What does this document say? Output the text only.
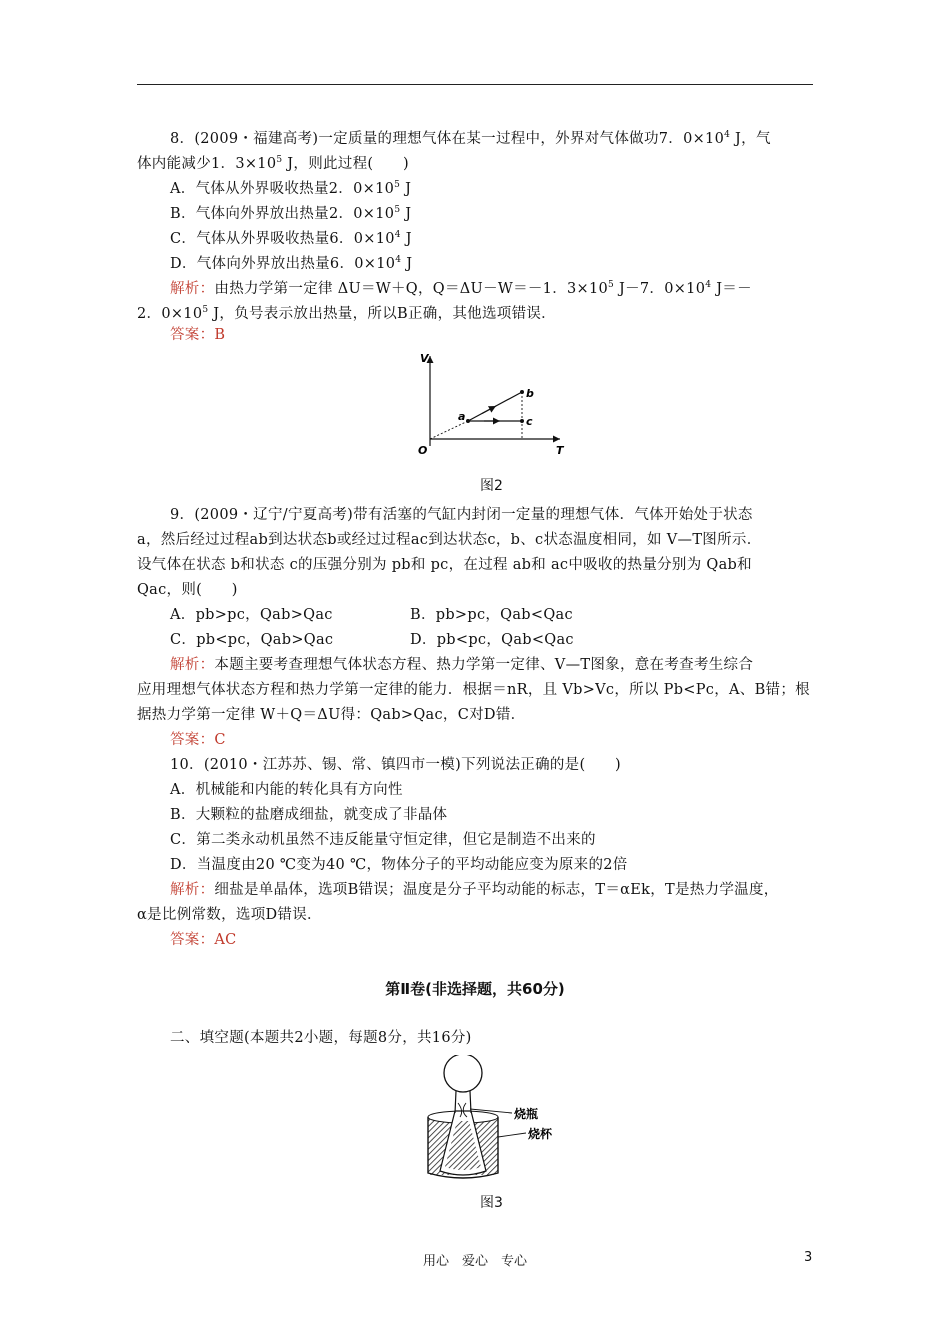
8．(2009・福建高考)一定质量的理想气体在某一过程中，外界对气体做功7．$0\times 10^4$ J，气
体内能减少1．$3\times 10^5$ J，则此过程(　　)
A．气体从外界吸收热量2．$0\times 10^5$ J
B．气体向外界放出热量2．$0\times 10^5$ J
C．气体从外界吸收热量6．$0\times 10^4$ J
D．气体向外界放出热量6．$0\times 10^4$ J
解析：由热力学第一定律 ΔU＝W＋Q，Q＝ΔU－W＝－1．$3\times 10^5$ J－7．$0\times 10^4$ J＝－
2．$0\times 10^5$ J，负号表示放出热量，所以B正确，其他选项错误．
答案：B
V
T
O
a
b
c
图2
9．(2009・辽宁/宁夏高考)带有活塞的气缸内封闭一定量的理想气体．气体开始处于状态
a，然后经过过程ab到达状态b或经过过程ac到达状态c，b、c状态温度相同，如 V—T图所示．
设气体在状态 b和状态 c的压强分别为 pb和 pc，在过程 ab和 ac中吸收的热量分别为 Qab和
Qac，则(　　)
A．pb>pc，Qab>Qac	B．pb>pc，Qab<Qac
C．pb<pc，Qab>Qac	D．pb<pc，Qab<Qac
解析：本题主要考查理想气体状态方程、热力学第一定律、V—T图象，意在考查考生综合
应用理想气体状态方程和热力学第一定律的能力．根据＝nR，且 Vb>Vc，所以 Pb<Pc，A、B错；根
据热力学第一定律 W＋Q＝ΔU得：Qab>Qac，C对D错．
答案：C
10．(2010・江苏苏、锡、常、镇四市一模)下列说法正确的是(　　)
A．机械能和内能的转化具有方向性
B．大颗粒的盐磨成细盐，就变成了非晶体
C．第二类永动机虽然不违反能量守恒定律，但它是制造不出来的
D．当温度由20 ℃变为40 ℃，物体分子的平均动能应变为原来的2倍
解析：细盐是单晶体，选项B错误；温度是分子平均动能的标志，T＝αEk，T是热力学温度，
α是比例常数，选项D错误．
答案：AC
第Ⅱ卷(非选择题，共60分)
二、填空题(本题共2小题，每题8分，共16分)
烧瓶
烧杯
图3
用心　爱心　专心	3
